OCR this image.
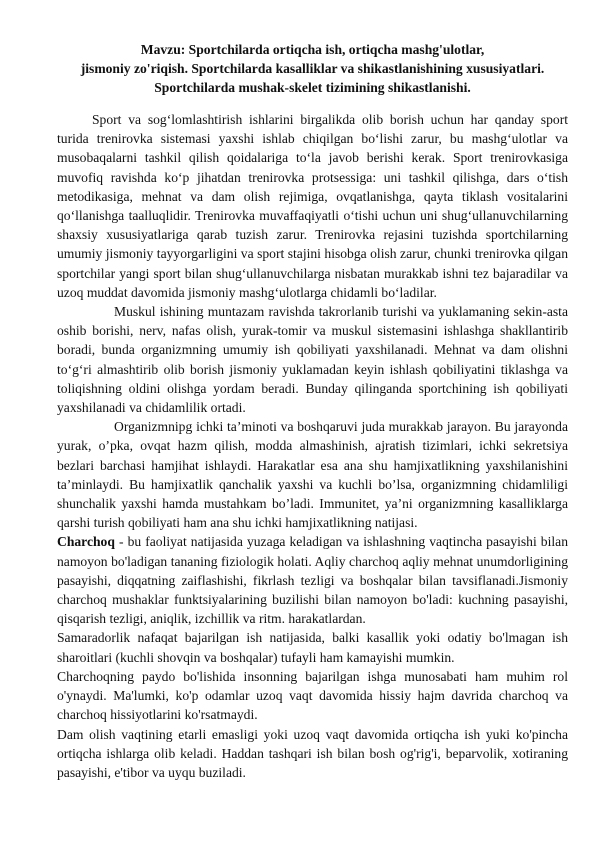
Mavzu: Sportchilarda ortiqcha ish, ortiqcha mashg'ulotlar,
jismoniy zo'riqish. Sportchilarda kasalliklar va shikastlanishining xususiyatlari.
Sportchilarda mushak-skelet tizimining shikastlanishi.

Sport va sog‘lomlashtirish ishlarini birgalikda olib borish uchun har qanday sport turida trenirovka sistemasi yaxshi ishlab chiqilgan bo‘lishi zarur, bu mashg‘ulotlar va musobaqalarni tashkil qilish qoidalariga to‘la javob berishi kerak. Sport trenirovkasiga muvofiq ravishda ko‘p jihatdan trenirovka protsessiga: uni tashkil qilishga, dars o‘tish metodikasiga, mehnat va dam olish rejimiga, ovqatlanishga, qayta tiklash vositalarini qo‘llanishga taalluqlidir. Trenirovka muvaffaqiyatli o‘tishi uchun uni shug‘ullanuvchilarning shaxsiy xususiyatlariga qarab tuzish zarur. Trenirovka rejasini tuzishda sportchilarning umumiy jismoniy tayyorgarligini va sport stajini hisobga olish zarur, chunki trenirovka qilgan sportchilar yangi sport bilan shug‘ullanuvchilarga nisbatan murakkab ishni tez bajaradilar va uzoq muddat davomida jismoniy mashg‘ulotlarga chidamli bo‘ladilar.

Muskul ishining muntazam ravishda takrorlanib turishi va yuklamaning sekin-asta oshib borishi, nerv, nafas olish, yurak-tomir va muskul sistemasini ishlashga shakllantirib boradi, bunda organizmning umumiy ish qobiliyati yaxshilanadi. Mehnat va dam olishni to‘g‘ri almashtirib olib borish jismoniy yuklamadan keyin ishlash qobiliyatini tiklashga va toliqishning oldini olishga yordam beradi. Bunday qilinganda sportchining ish qobiliyati yaxshilanadi va chidamlilik ortadi.

Organizmnipg ichki ta’minoti va boshqaruvi juda murakkab jarayon. Bu jarayonda yurak, o’pka, ovqat hazm qilish, modda almashinish, ajratish tizimlari, ichki sekretsiya bezlari barchasi hamjihat ishlaydi. Harakatlar esa ana shu hamjixatlikning yaxshilanishini ta’minlaydi. Bu hamjixatlik qanchalik yaxshi va kuchli bo’lsa, organizmning chidamliligi shunchalik yaxshi hamda mustahkam bo’ladi. Immunitet, ya’ni organizmning kasalliklarga qarshi turish qobiliyati ham ana shu ichki hamjixatlikning natijasi.

Charchoq - bu faoliyat natijasida yuzaga keladigan va ishlashning vaqtincha pasayishi bilan namoyon bo'ladigan tananing fiziologik holati. Aqliy charchoq aqliy mehnat unumdorligining pasayishi, diqqatning zaiflashishi, fikrlash tezligi va boshqalar bilan tavsiflanadi.Jismoniy charchoq mushaklar funktsiyalarining buzilishi bilan namoyon bo'ladi: kuchning pasayishi, qisqarish tezligi, aniqlik, izchillik va ritm. harakatlardan.

Samaradorlik nafaqat bajarilgan ish natijasida, balki kasallik yoki odatiy bo'lmagan ish sharoitlari (kuchli shovqin va boshqalar) tufayli ham kamayishi mumkin.

Charchoqning paydo bo'lishida insonning bajarilgan ishga munosabati ham muhim rol o'ynaydi. Ma'lumki, ko'p odamlar uzoq vaqt davomida hissiy hajm davrida charchoq va charchoq hissiyotlarini ko'rsatmaydi.

Dam olish vaqtining etarli emasligi yoki uzoq vaqt davomida ortiqcha ish yuki ko'pincha ortiqcha ishlarga olib keladi. Haddan tashqari ish bilan bosh og'rig'i, beparvolik, xotiraning pasayishi, e'tibor va uyqu buziladi.
